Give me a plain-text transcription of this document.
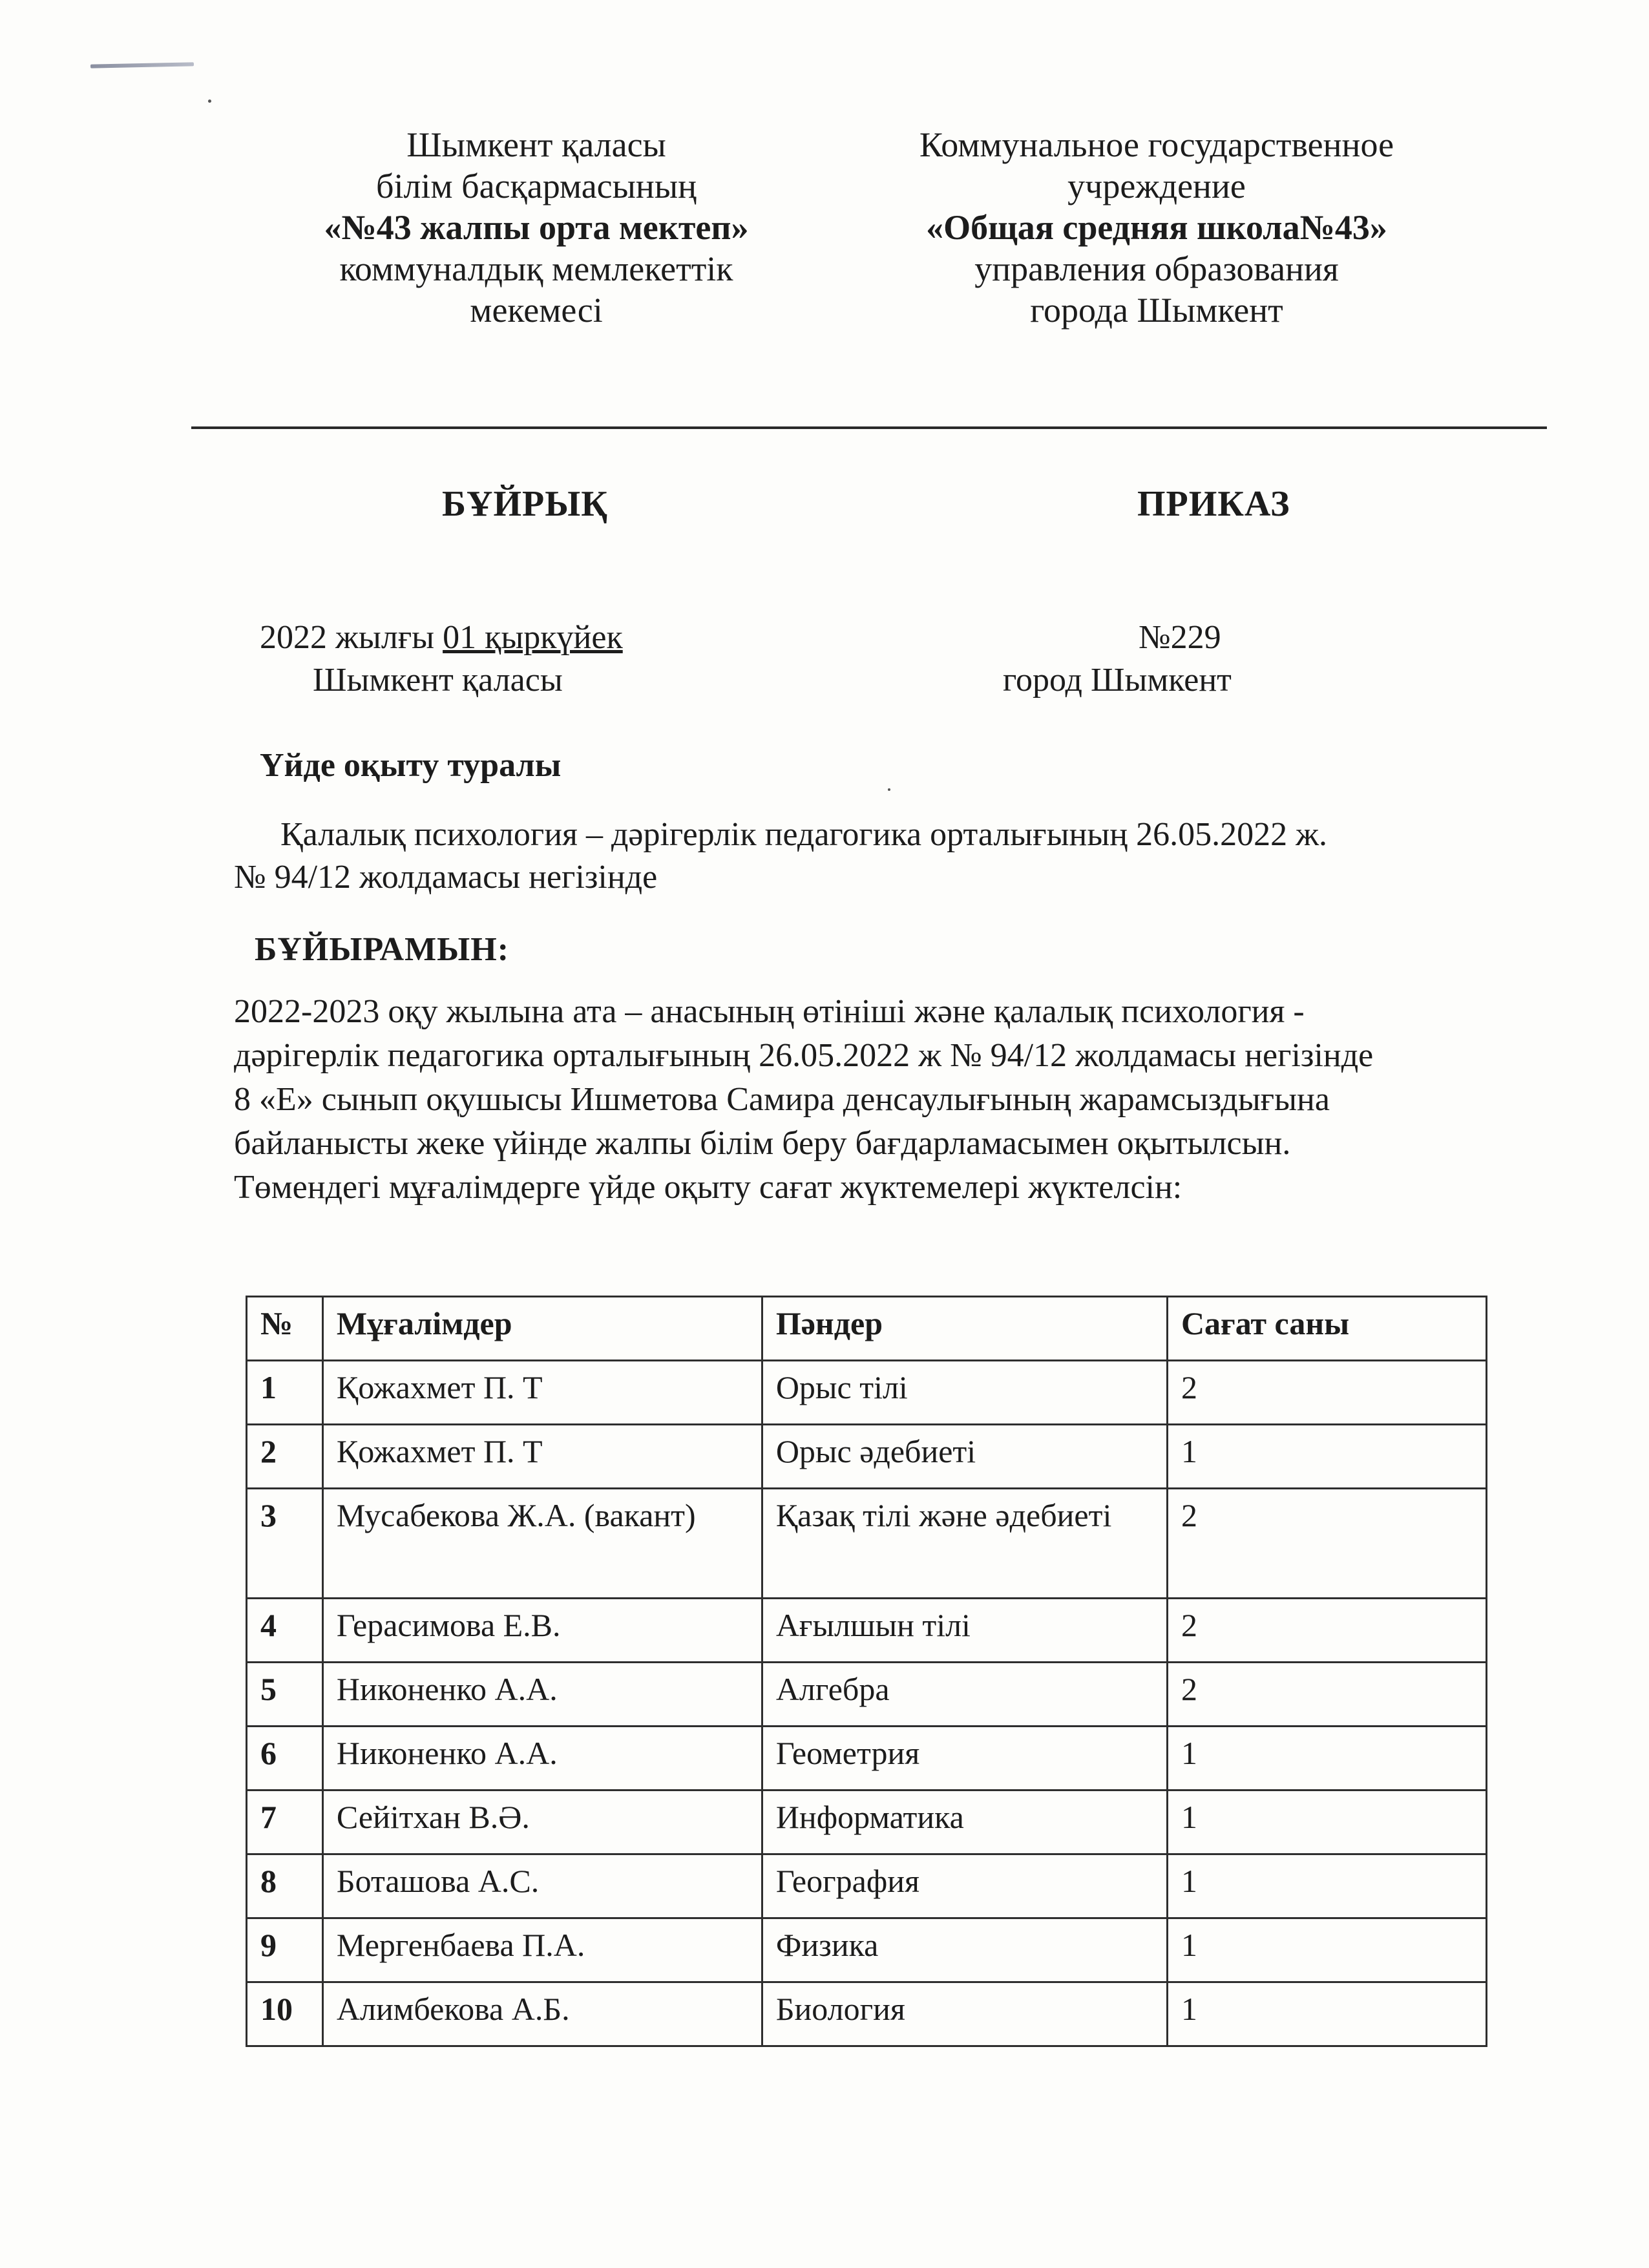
Шымкент қаласы
білім басқармасының
«№43 жалпы орта мектеп»
коммуналдық мемлекеттік
мекемесі
Коммунальное государственное
учреждение
«Общая средняя школа№43»
управления образования
города Шымкент
БҰЙРЫҚ	ПРИКАЗ
2022 жылғы 01 қыркүйек
Шымкент қаласы
№229
город Шымкент
Үйде оқыту туралы
Қалалық психология – дәрігерлік педагогика орталығының 26.05.2022 ж.
№ 94/12 жолдамасы негізінде
БҰЙЫРАМЫН:
2022-2023 оқу жылына ата – анасының өтініші және қалалық психология -
дәрігерлік педагогика орталығының 26.05.2022 ж № 94/12 жолдамасы негізінде
8 «Е» сынып оқушысы Ишметова Самира денсаулығының жарамсыздығына
байланысты жеке үйінде жалпы білім беру бағдарламасымен оқытылсын.
Төмендегі мұғалімдерге үйде оқыту сағат жүктемелері жүктелсін:
№	Мұғалімдер	Пәндер	Сағат саны
1	Қожахмет П. Т	Орыс тілі	2
2	Қожахмет П. Т	Орыс әдебиеті	1
3	Мусабекова Ж.А. (вакант)	Қазақ тілі және әдебиеті	2
4	Герасимова Е.В.	Ағылшын тілі	2
5	Никоненко А.А.	Алгебра	2
6	Никоненко А.А.	Геометрия	1
7	Сейітхан В.Ә.	Информатика	1
8	Боташова А.С.	География	1
9	Мергенбаева П.А.	Физика	1
10	Алимбекова А.Б.	Биология	1
